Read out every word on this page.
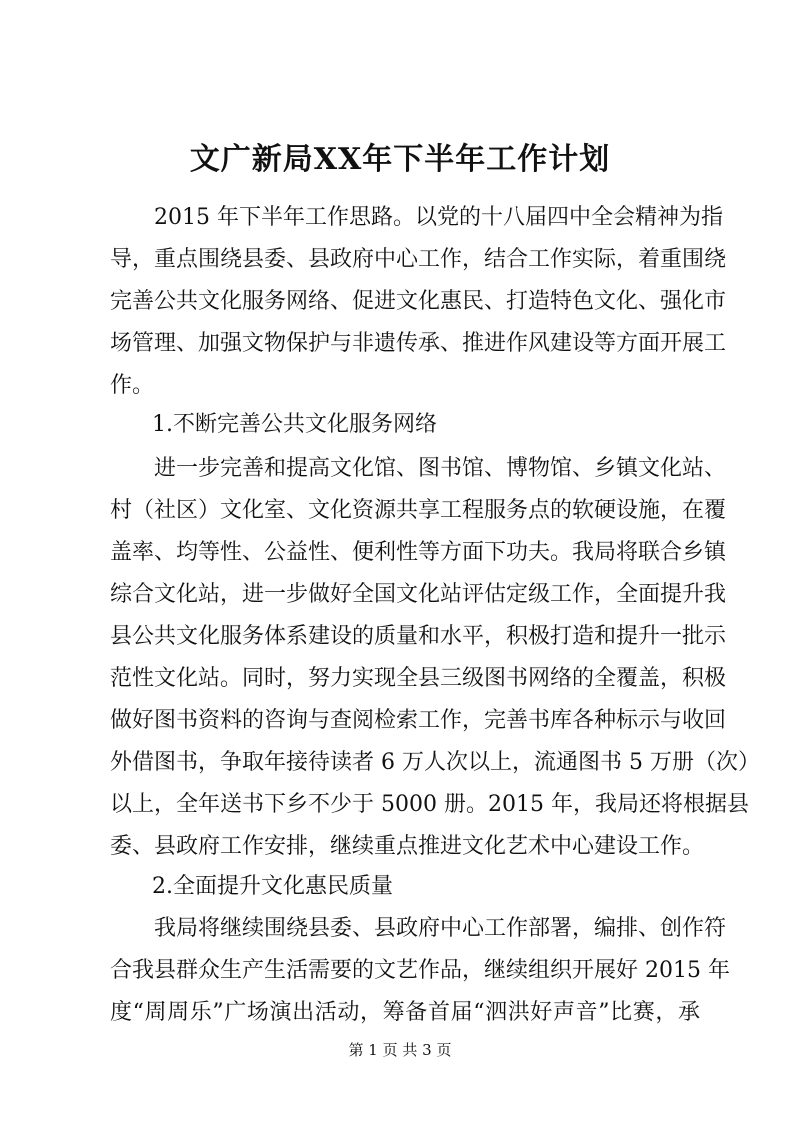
文广新局XX年下半年工作计划
2015 年下半年工作思路。以党的十八届四中全会精神为指
导，重点围绕县委、县政府中心工作，结合工作实际，着重围绕
完善公共文化服务网络、促进文化惠民、打造特色文化、强化市
场管理、加强文物保护与非遗传承、推进作风建设等方面开展工
作。
1.不断完善公共文化服务网络
进一步完善和提高文化馆、图书馆、博物馆、乡镇文化站、
村（社区）文化室、文化资源共享工程服务点的软硬设施，在覆
盖率、均等性、公益性、便利性等方面下功夫。我局将联合乡镇
综合文化站，进一步做好全国文化站评估定级工作，全面提升我
县公共文化服务体系建设的质量和水平，积极打造和提升一批示
范性文化站。同时，努力实现全县三级图书网络的全覆盖，积极
做好图书资料的咨询与查阅检索工作，完善书库各种标示与收回
外借图书，争取年接待读者 6 万人次以上，流通图书 5 万册（次）
以上，全年送书下乡不少于 5000 册。2015 年，我局还将根据县
委、县政府工作安排，继续重点推进文化艺术中心建设工作。
2.全面提升文化惠民质量
我局将继续围绕县委、县政府中心工作部署，编排、创作符
合我县群众生产生活需要的文艺作品，继续组织开展好 2015 年
度“周周乐”广场演出活动，筹备首届“泗洪好声音”比赛，承
第 1 页 共 3 页
